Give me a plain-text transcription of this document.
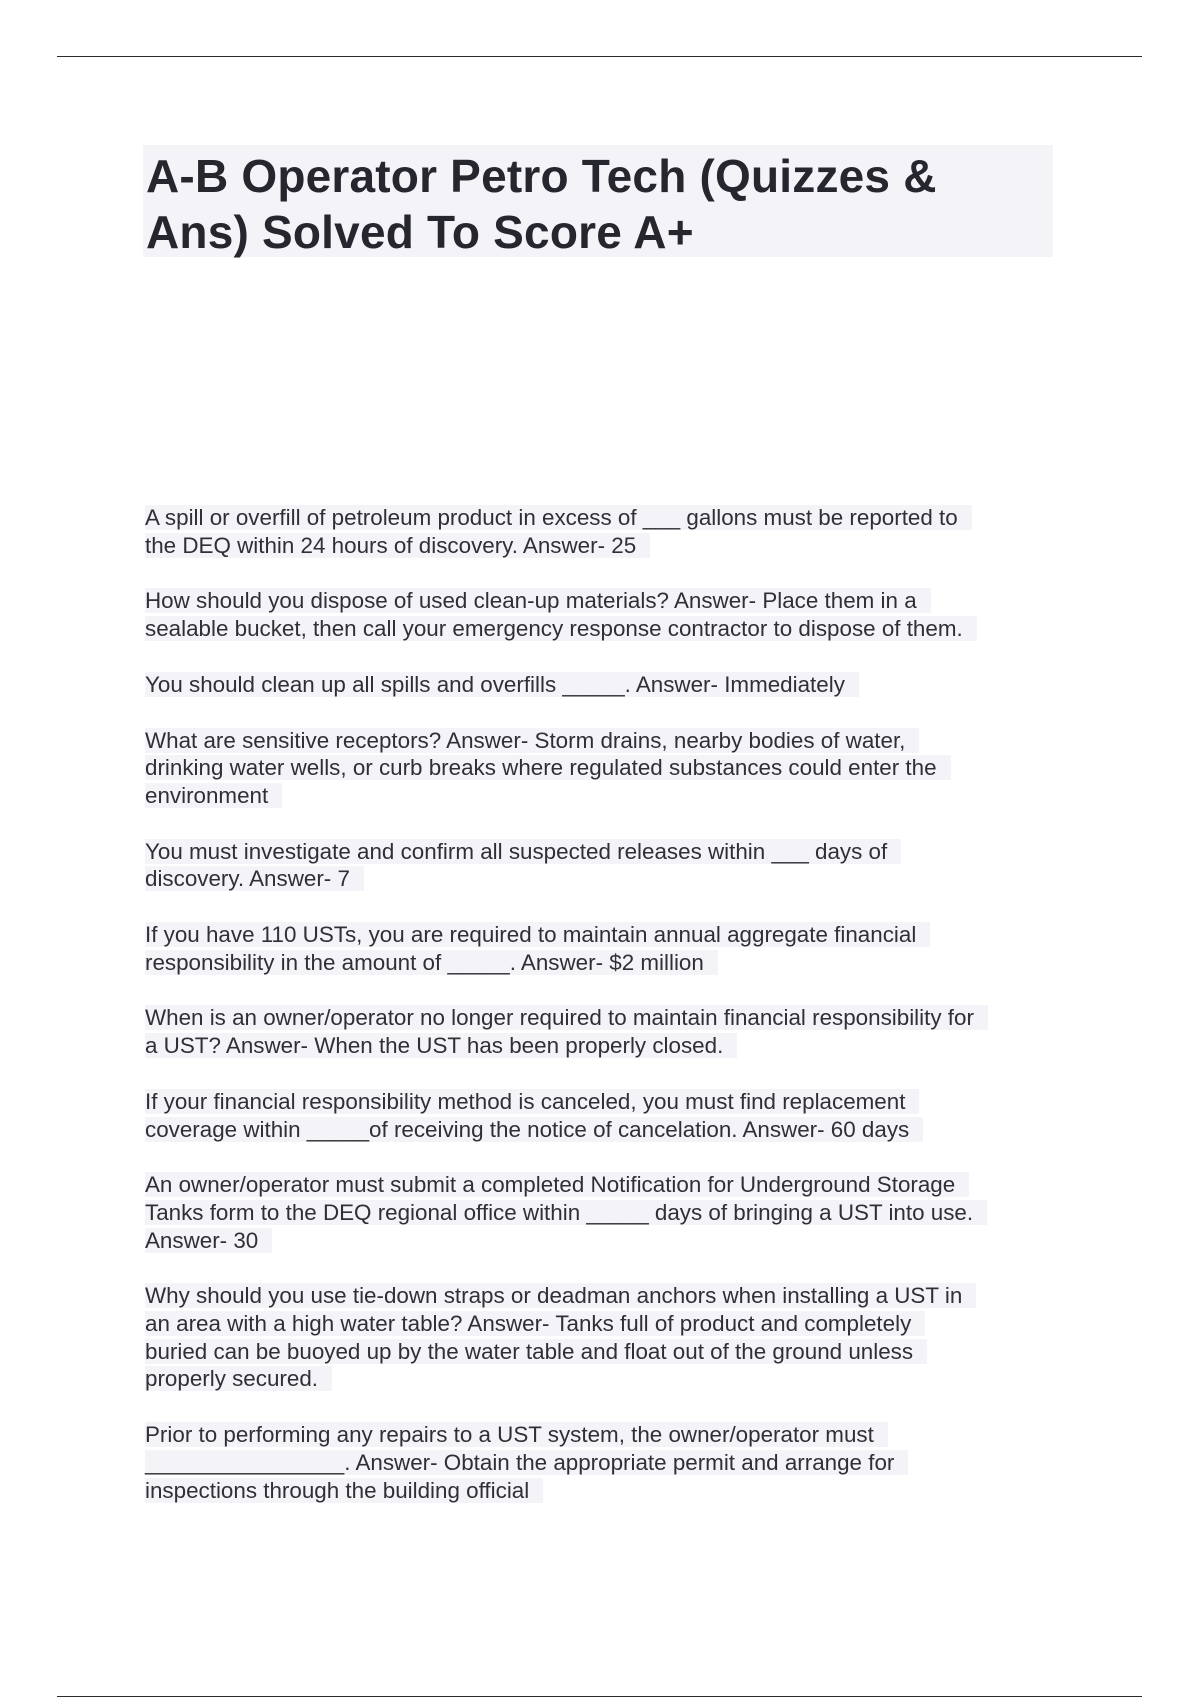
A-B Operator Petro Tech (Quizzes & Ans) Solved To Score A+
A spill or overfill of petroleum product in excess of ___ gallons must be reported to
the DEQ within 24 hours of discovery. Answer- 25
How should you dispose of used clean-up materials? Answer- Place them in a
sealable bucket, then call your emergency response contractor to dispose of them.
You should clean up all spills and overfills _____. Answer- Immediately
What are sensitive receptors? Answer- Storm drains, nearby bodies of water,
drinking water wells, or curb breaks where regulated substances could enter the
environment
You must investigate and confirm all suspected releases within ___ days of
discovery. Answer- 7
If you have 110 USTs, you are required to maintain annual aggregate financial
responsibility in the amount of _____. Answer- $2 million
When is an owner/operator no longer required to maintain financial responsibility for
a UST? Answer- When the UST has been properly closed.
If your financial responsibility method is canceled, you must find replacement
coverage within _____of receiving the notice of cancelation. Answer- 60 days
An owner/operator must submit a completed Notification for Underground Storage
Tanks form to the DEQ regional office within _____ days of bringing a UST into use.
Answer- 30
Why should you use tie-down straps or deadman anchors when installing a UST in
an area with a high water table? Answer- Tanks full of product and completely
buried can be buoyed up by the water table and float out of the ground unless
properly secured.
Prior to performing any repairs to a UST system, the owner/operator must
________________. Answer- Obtain the appropriate permit and arrange for
inspections through the building official
